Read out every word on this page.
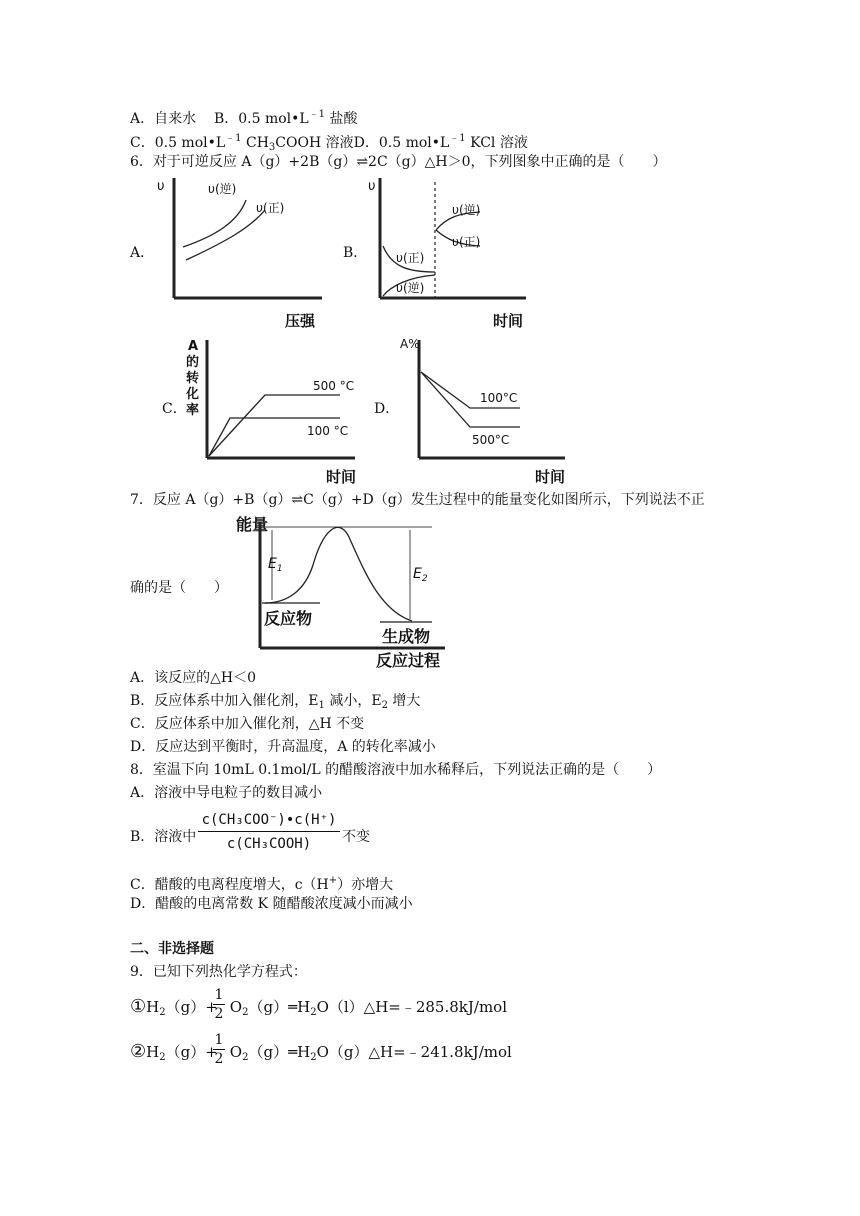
A．自来水 B．0.5 $mol•L^{﹣1}$ 盐酸
C．0.5 $mol•L^{﹣1}$ $CH_3COOH$ 溶液D．0.5 $mol•L^{﹣1}$ KCl 溶液
6．对于可逆反应 A（g）+2B（g）⇌2C（g）△H＞0，下列图象中正确的是（　　）
A．
υ	υ(逆)
υ(正)
压强
B．
υ
υ(正)
υ(逆)
υ(逆)
υ(正)
时间
C．
A
的
转
化
率
500 °C
100 °C
时间
D．
A%
100°C
500°C
时间
7．反应 A（g）+B（g）⇌C（g）+D（g）发生过程中的能量变化如图所示，下列说法不正
确的是（　　）
能量
$E_1$	$E_2$
反应物
生成物
反应过程
A．该反应的△H＜0
B．反应体系中加入催化剂，$E_1$ 减小，$E_2$ 增大
C．反应体系中加入催化剂，△H 不变
D．反应达到平衡时，升高温度，A 的转化率减小
8．室温下向 10mL 0.1mol/L 的醋酸溶液中加水稀释后，下列说法正确的是（　　）
A．溶液中导电粒子的数目减小
B．溶液中
c(CH₃COO⁻)•c(H⁺)
c(CH₃COOH)	不变
C．醋酸的电离程度增大，c（H+）亦增大
D．醋酸的电离常数 K 随醋酸浓度减小而减小
二、非选择题
9．已知下列热化学方程式：
$①H_2(g)+$ $O_2(g)═H_2O(l)\triangle H=﹣285.8kJ$/mol
$\frac{1}{2}$
$②H_2(g)+$ $O_2(g)═H_2O(g)\triangle H=﹣241.8kJ$/mol
$\frac{1}{2}$
